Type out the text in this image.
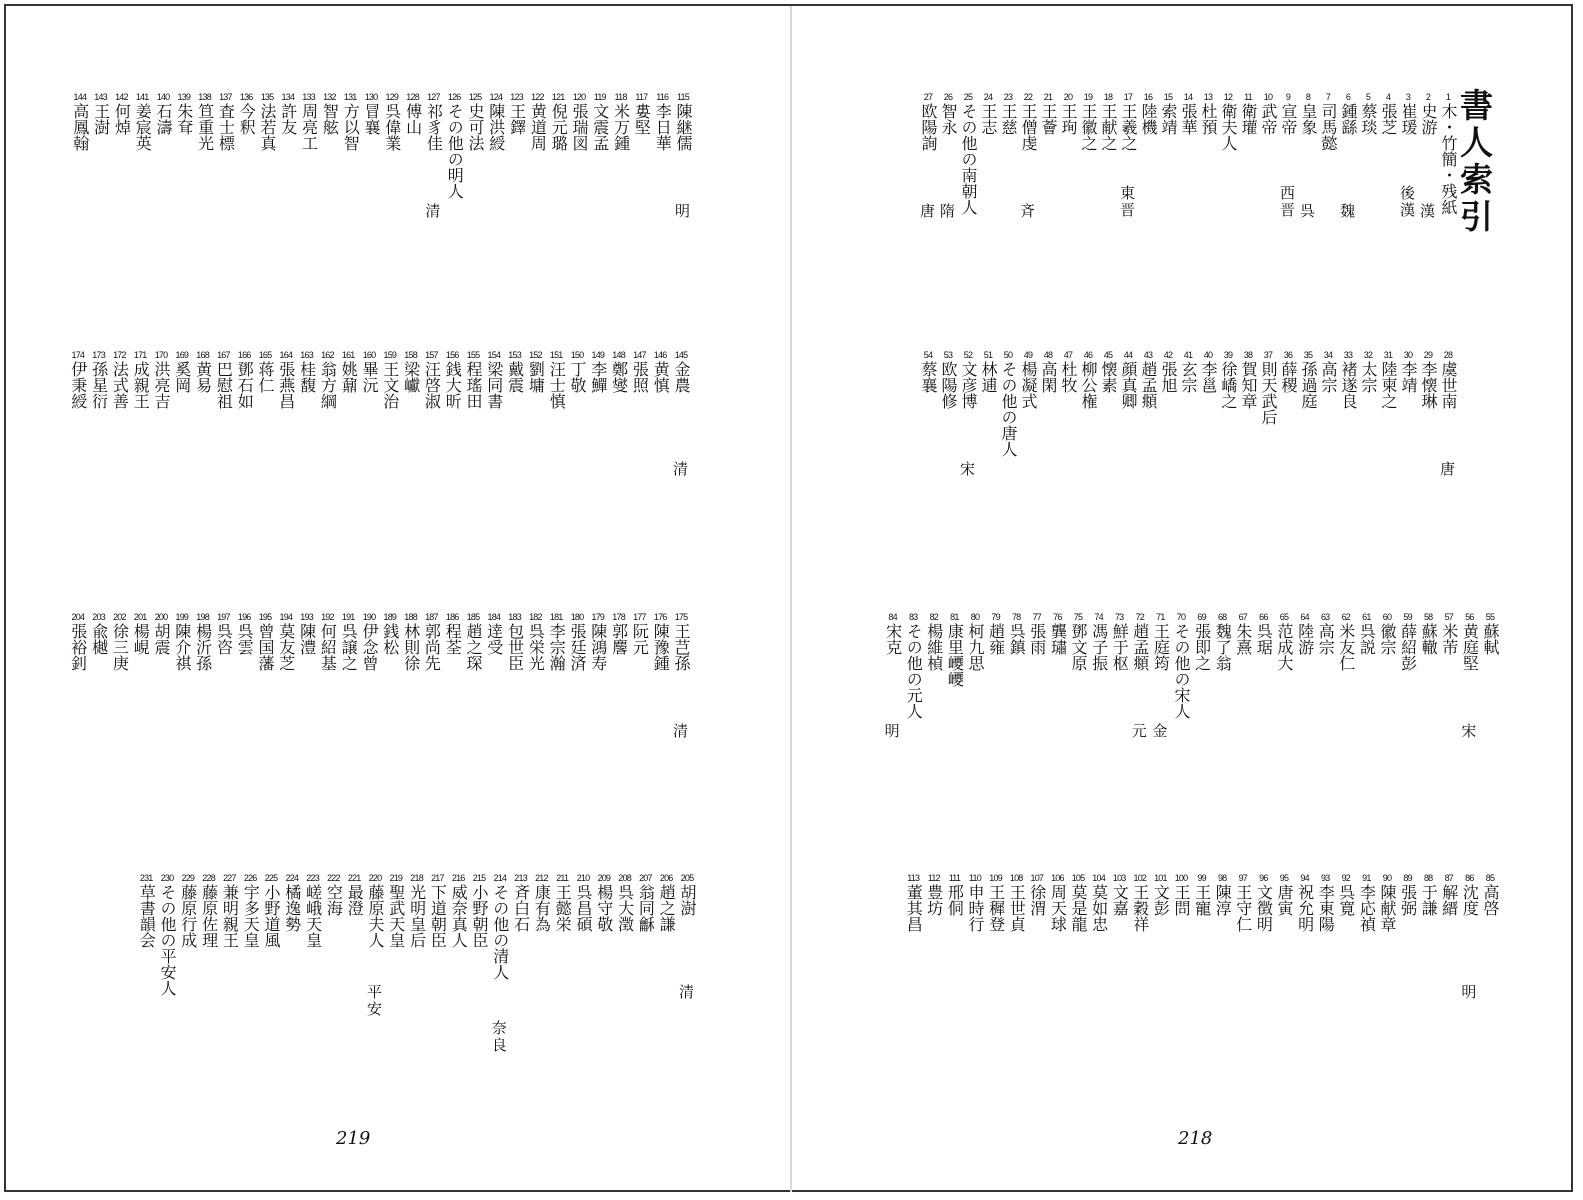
219
115
陳継儒
116
李日華
117
婁堅
118
米万鍾
119
文震孟
120
張瑞図
121
倪元璐
122
黄道周
123
王鐸
124
陳洪綬
125
史可法
126
その他の明人
127
祁豸佳
128
傅山
129
呉偉業
130
冒襄
131
方以智
132
智舷
133
周亮工
134
許友
135
法若真
136
今釈
137
査士標
138
笪重光
139
朱耷
140
石濤
141
姜宸英
142
何焯
143
王澍
144
高鳳翰
明
清
145
金農
146
黄慎
147
張照
148
鄭燮
149
李鱓
150
丁敬
151
汪士慎
152
劉墉
153
戴震
154
梁同書
155
程瑤田
156
銭大昕
157
汪啓淑
158
梁巘
159
王文治
160
畢沅
161
姚鼐
162
翁方綱
163
桂馥
164
張燕昌
165
蒋仁
166
鄧石如
167
巴慰祖
168
黄易
169
奚岡
170
洪亮吉
171
成親王
172
法式善
173
孫星衍
174
伊秉綬
清
175
王芑孫
176
陳豫鍾
177
阮元
178
郭麐
179
陳鴻寿
180
張廷済
181
李宗瀚
182
呉栄光
183
包世臣
184
逹受
185
趙之琛
186
程荃
187
郭尚先
188
林則徐
189
銭松
190
伊念曾
191
呉譲之
192
何紹基
193
陳澧
194
莫友芝
195
曾国藩
196
呉雲
197
呉咨
198
楊沂孫
199
陳介祺
200
胡震
201
楊峴
202
徐三庚
203
兪樾
204
張裕釗
清
205
胡澍
206
趙之謙
207
翁同龢
208
呉大澂
209
楊守敬
210
呉昌碩
211
王懿栄
212
康有為
213
斉白石
214
その他の清人
215
小野朝臣
216
威奈真人
217
下道朝臣
218
光明皇后
219
聖武天皇
220
藤原夫人
221
最澄
222
空海
223
嵯峨天皇
224
橘逸勢
225
小野道風
226
宇多天皇
227
兼明親王
228
藤原佐理
229
藤原行成
230
その他の平安人
231
草書韻会
清
奈良
平安
書人索引
218
1
木・竹簡・残紙
2
史游
3
崔瑗
4
張芝
5
蔡琰
6
鍾繇
7
司馬懿
8
皇象
9
宣帝
10
武帝
11
衛瓘
12
衛夫人
13
杜預
14
張華
15
索靖
16
陸機
17
王羲之
18
王献之
19
王徽之
20
王珣
21
王薈
22
王僧虔
23
王慈
24
王志
25
その他の南朝人
26
智永
27
欧陽詢
漢
後漢
魏
呉
西晋
東晋
斉
隋
唐
28
虞世南
29
李懐琳
30
李靖
31
陸柬之
32
太宗
33
褚遂良
34
高宗
35
孫過庭
36
薛稷
37
則天武后
38
賀知章
39
徐嶠之
40
李邕
41
玄宗
42
張旭
43
趙孟頫
44
顔真卿
45
懐素
46
柳公権
47
杜牧
48
高閑
49
楊凝式
50
その他の唐人
51
林逋
52
文彦博
53
欧陽修
54
蔡襄
唐
宋
55
蘇軾
56
黄庭堅
57
米芾
58
蘇轍
59
薛紹彭
60
徽宗
61
呉説
62
米友仁
63
高宗
64
陸游
65
范成大
66
呉琚
67
朱熹
68
魏了翁
69
張即之
70
その他の宋人
71
王庭筠
72
趙孟頫
73
鮮于枢
74
馮子振
75
鄧文原
76
龔璛
77
張雨
78
呉鎮
79
趙雍
80
柯九思
81
康里巎巎
82
楊維楨
83
その他の元人
84
宋克
宋
金
元
明
85
高啓
86
沈度
87
解縉
88
于謙
89
張弼
90
陳献章
91
李応禎
92
呉寛
93
李東陽
94
祝允明
95
唐寅
96
文徴明
97
王守仁
98
陳淳
99
王寵
100
王問
101
文彭
102
王穀祥
103
文嘉
104
莫如忠
105
莫是龍
106
周天球
107
徐渭
108
王世貞
109
王穉登
110
申時行
111
邢侗
112
豊坊
113
董其昌
明
